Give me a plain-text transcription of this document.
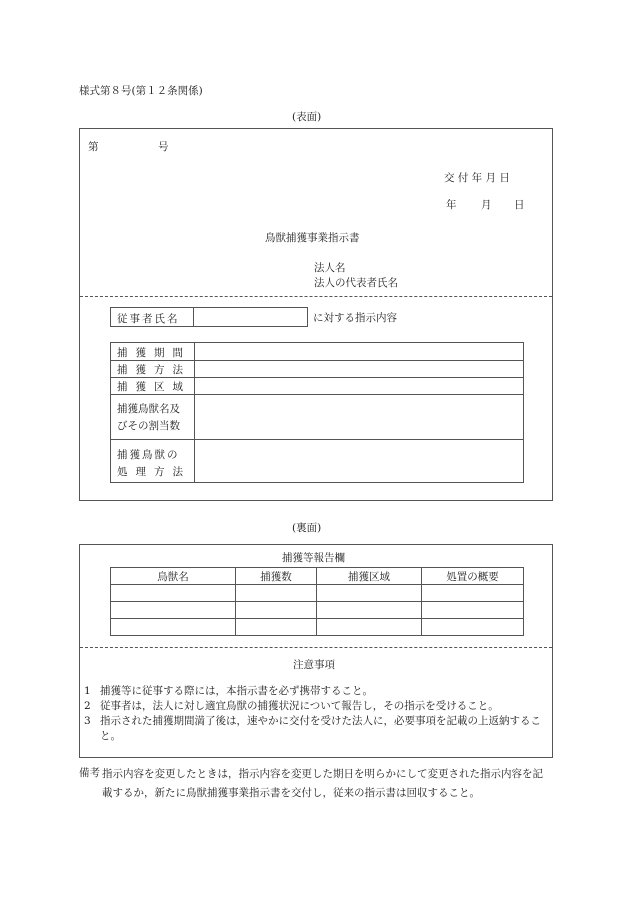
様式第８号(第１２条関係)
(表面)
第	号
交 付 年 月 日
年 月 日
鳥獣捕獲事業指示書
法人名
法人の代表者氏名
従事者氏名	に対する指示内容
捕獲期間
捕獲方法
捕獲区域
捕獲鳥獣名及
びその割当数
捕獲鳥獣の
処理方法
(裏面)
捕獲等報告欄
鳥獣名	捕獲数	捕獲区域	処置の概要

注意事項
1 捕獲等に従事する際には，本指示書を必ず携帯すること。
2 従事者は，法人に対し適宜鳥獣の捕獲状況について報告し，その指示を受けること。
3 指示された捕獲期間満了後は，速やかに交付を受けた法人に，必要事項を記載の上返納すること。
備考 指示内容を変更したときは，指示内容を変更した期日を明らかにして変更された指示内容を記載するか，新たに鳥獣捕獲事業指示書を交付し，従来の指示書は回収すること。
